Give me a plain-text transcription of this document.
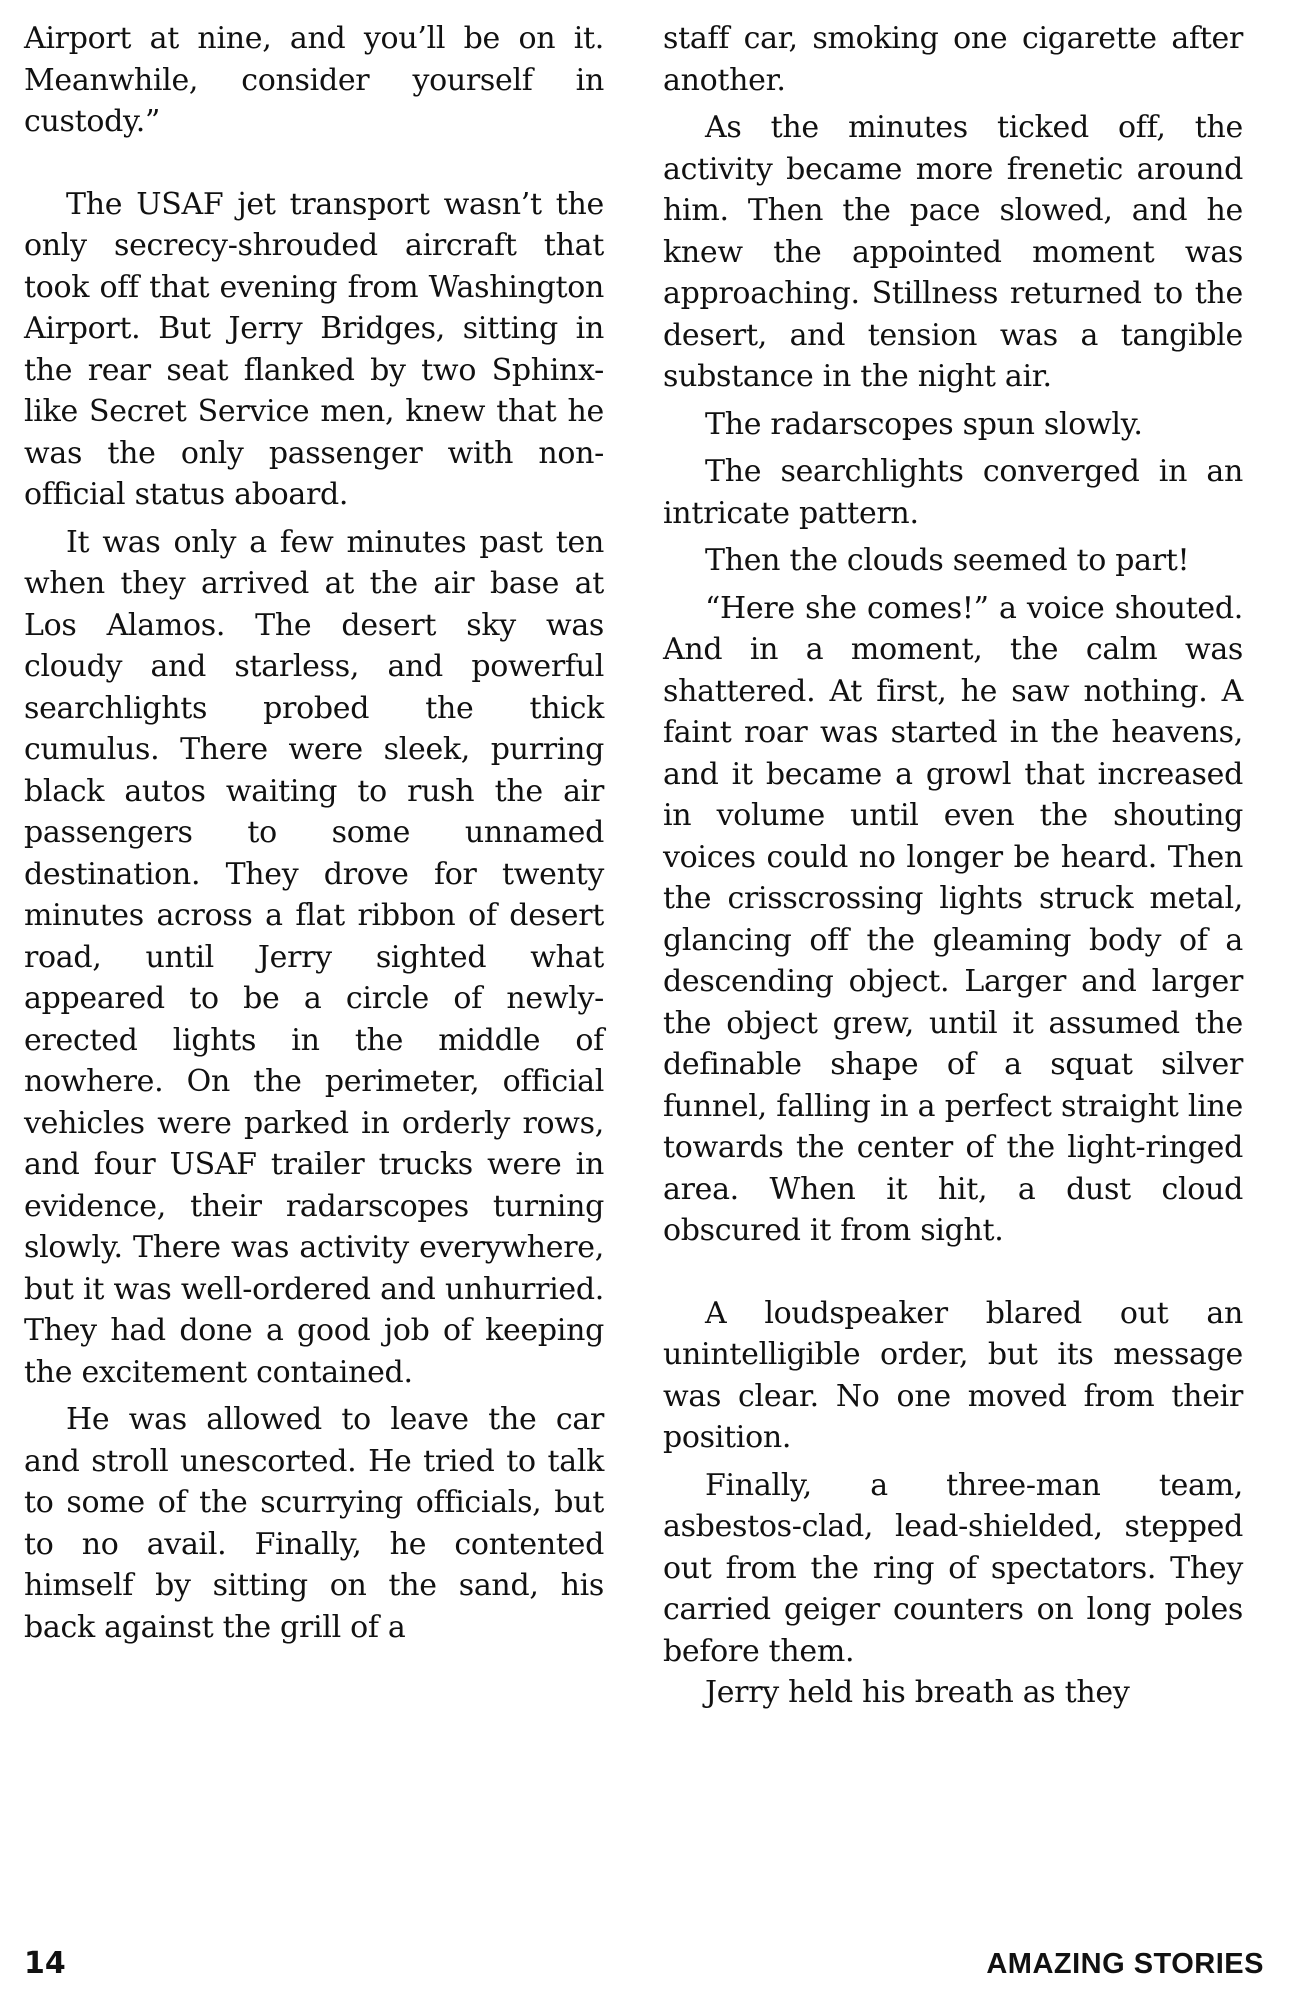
Airport at nine, and you’ll be on it. Meanwhile, consider yourself in custody.”

The USAF jet transport wasn’t the only secrecy-shrouded aircraft that took off that evening from Washington Airport. But Jerry Bridges, sitting in the rear seat flanked by two Sphinx-like Secret Service men, knew that he was the only passenger with non-official status aboard.

It was only a few minutes past ten when they arrived at the air base at Los Alamos. The desert sky was cloudy and starless, and powerful searchlights probed the thick cumulus. There were sleek, purring black autos waiting to rush the air passengers to some unnamed destination. They drove for twenty minutes across a flat ribbon of desert road, until Jerry sighted what appeared to be a circle of newly-erected lights in the middle of nowhere. On the perimeter, official vehicles were parked in orderly rows, and four USAF trailer trucks were in evidence, their radarscopes turning slowly. There was activity everywhere, but it was well-ordered and unhurried. They had done a good job of keeping the excitement contained.

He was allowed to leave the car and stroll unescorted. He tried to talk to some of the scurrying officials, but to no avail. Finally, he contented himself by sitting on the sand, his back against the grill of a

staff car, smoking one cigarette after another.

As the minutes ticked off, the activity became more frenetic around him. Then the pace slowed, and he knew the appointed moment was approaching. Stillness returned to the desert, and tension was a tangible substance in the night air.

The radarscopes spun slowly.

The searchlights converged in an intricate pattern.

Then the clouds seemed to part!

“Here she comes!” a voice shouted. And in a moment, the calm was shattered. At first, he saw nothing. A faint roar was started in the heavens, and it became a growl that increased in volume until even the shouting voices could no longer be heard. Then the crisscrossing lights struck metal, glancing off the gleaming body of a descending object. Larger and larger the object grew, until it assumed the definable shape of a squat silver funnel, falling in a perfect straight line towards the center of the light-ringed area. When it hit, a dust cloud obscured it from sight.

A loudspeaker blared out an unintelligible order, but its message was clear. No one moved from their position.

Finally, a three-man team, asbestos-clad, lead-shielded, stepped out from the ring of spectators. They carried geiger counters on long poles before them.

Jerry held his breath as they

14	AMAZING STORIES
